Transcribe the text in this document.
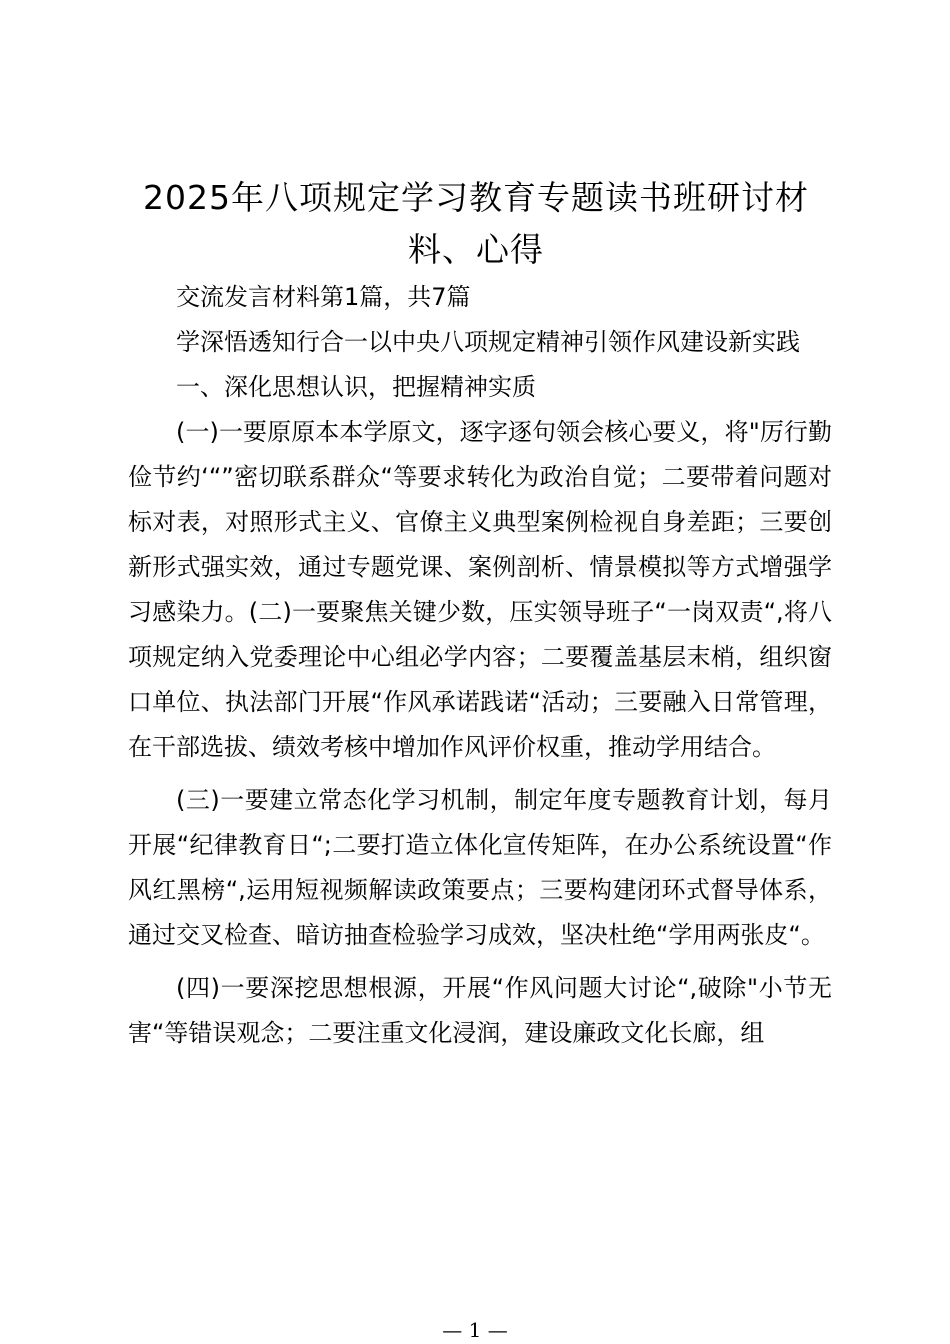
2025年八项规定学习教育专题读书班研讨材料、心得

交流发言材料第1篇，共7篇

学深悟透知行合一以中央八项规定精神引领作风建设新实践

一、深化思想认识，把握精神实质

(一)一要原原本本学原文，逐字逐句领会核心要义，将"厉行勤俭节约‘“”密切联系群众“等要求转化为政治自觉；二要带着问题对标对表，对照形式主义、官僚主义典型案例检视自身差距；三要创新形式强实效，通过专题党课、案例剖析、情景模拟等方式增强学习感染力。(二)一要聚焦关键少数，压实领导班子“一岗双责“,将八项规定纳入党委理论中心组必学内容；二要覆盖基层末梢，组织窗口单位、执法部门开展“作风承诺践诺“活动；三要融入日常管理，在干部选拔、绩效考核中增加作风评价权重，推动学用结合。

(三)一要建立常态化学习机制，制定年度专题教育计划，每月开展“纪律教育日“;二要打造立体化宣传矩阵，在办公系统设置“作风红黑榜“,运用短视频解读政策要点；三要构建闭环式督导体系，通过交叉检查、暗访抽查检验学习成效，坚决杜绝“学用两张皮“。

(四)一要深挖思想根源，开展“作风问题大讨论“,破除"小节无害“等错误观念；二要注重文化浸润，建设廉政文化长廊，组

— 1 —
